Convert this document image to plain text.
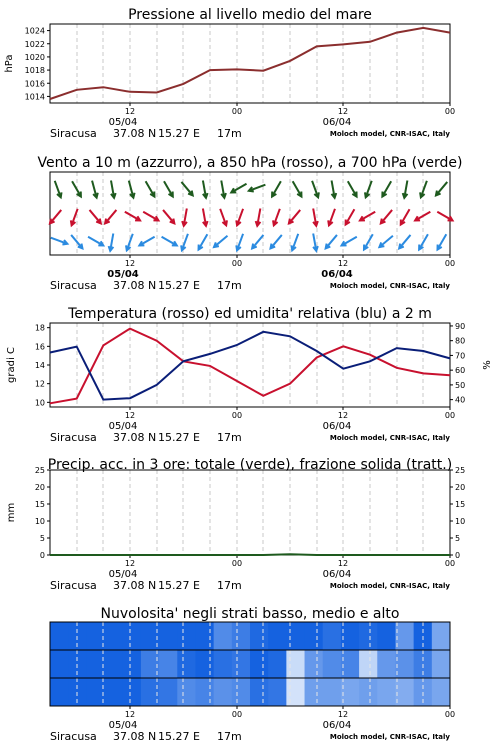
12	00	12	00
05/04	06/04
Siracusa 37.08 N 15.27 E 17m	Moloch model, CNR-ISAC, Italy
Pressione al livello medio del mare
1014
1016
1018
1020
1022
1024
hPa
12	00	12	00
05/04	06/04
Siracusa 37.08 N 15.27 E 17m	Moloch model, CNR-ISAC, Italy
Vento a 10 m (azzurro), a 850 hPa (rosso), a 700 hPa (verde)
12	00	12	00
05/04	06/04
Siracusa 37.08 N 15.27 E 17m	Moloch model, CNR-ISAC, Italy
Temperatura (rosso) ed umidita' relativa (blu) a 2 m
10
12
14
16
18
40
50
60
70
80
90
gradi C	%
12	00	12	00
05/04	06/04
Siracusa 37.08 N 15.27 E 17m	Moloch model, CNR-ISAC, Italy
Precip. acc. in 3 ore: totale (verde), frazione solida (tratt.)
0
5
10
15
20
25
0
5
10
15
20
25
mm
Nuvolosita' negli strati basso, medio e alto
12	00	12	00
05/04	06/04
Siracusa 37.08 N 15.27 E 17m	Moloch model, CNR-ISAC, Italy
